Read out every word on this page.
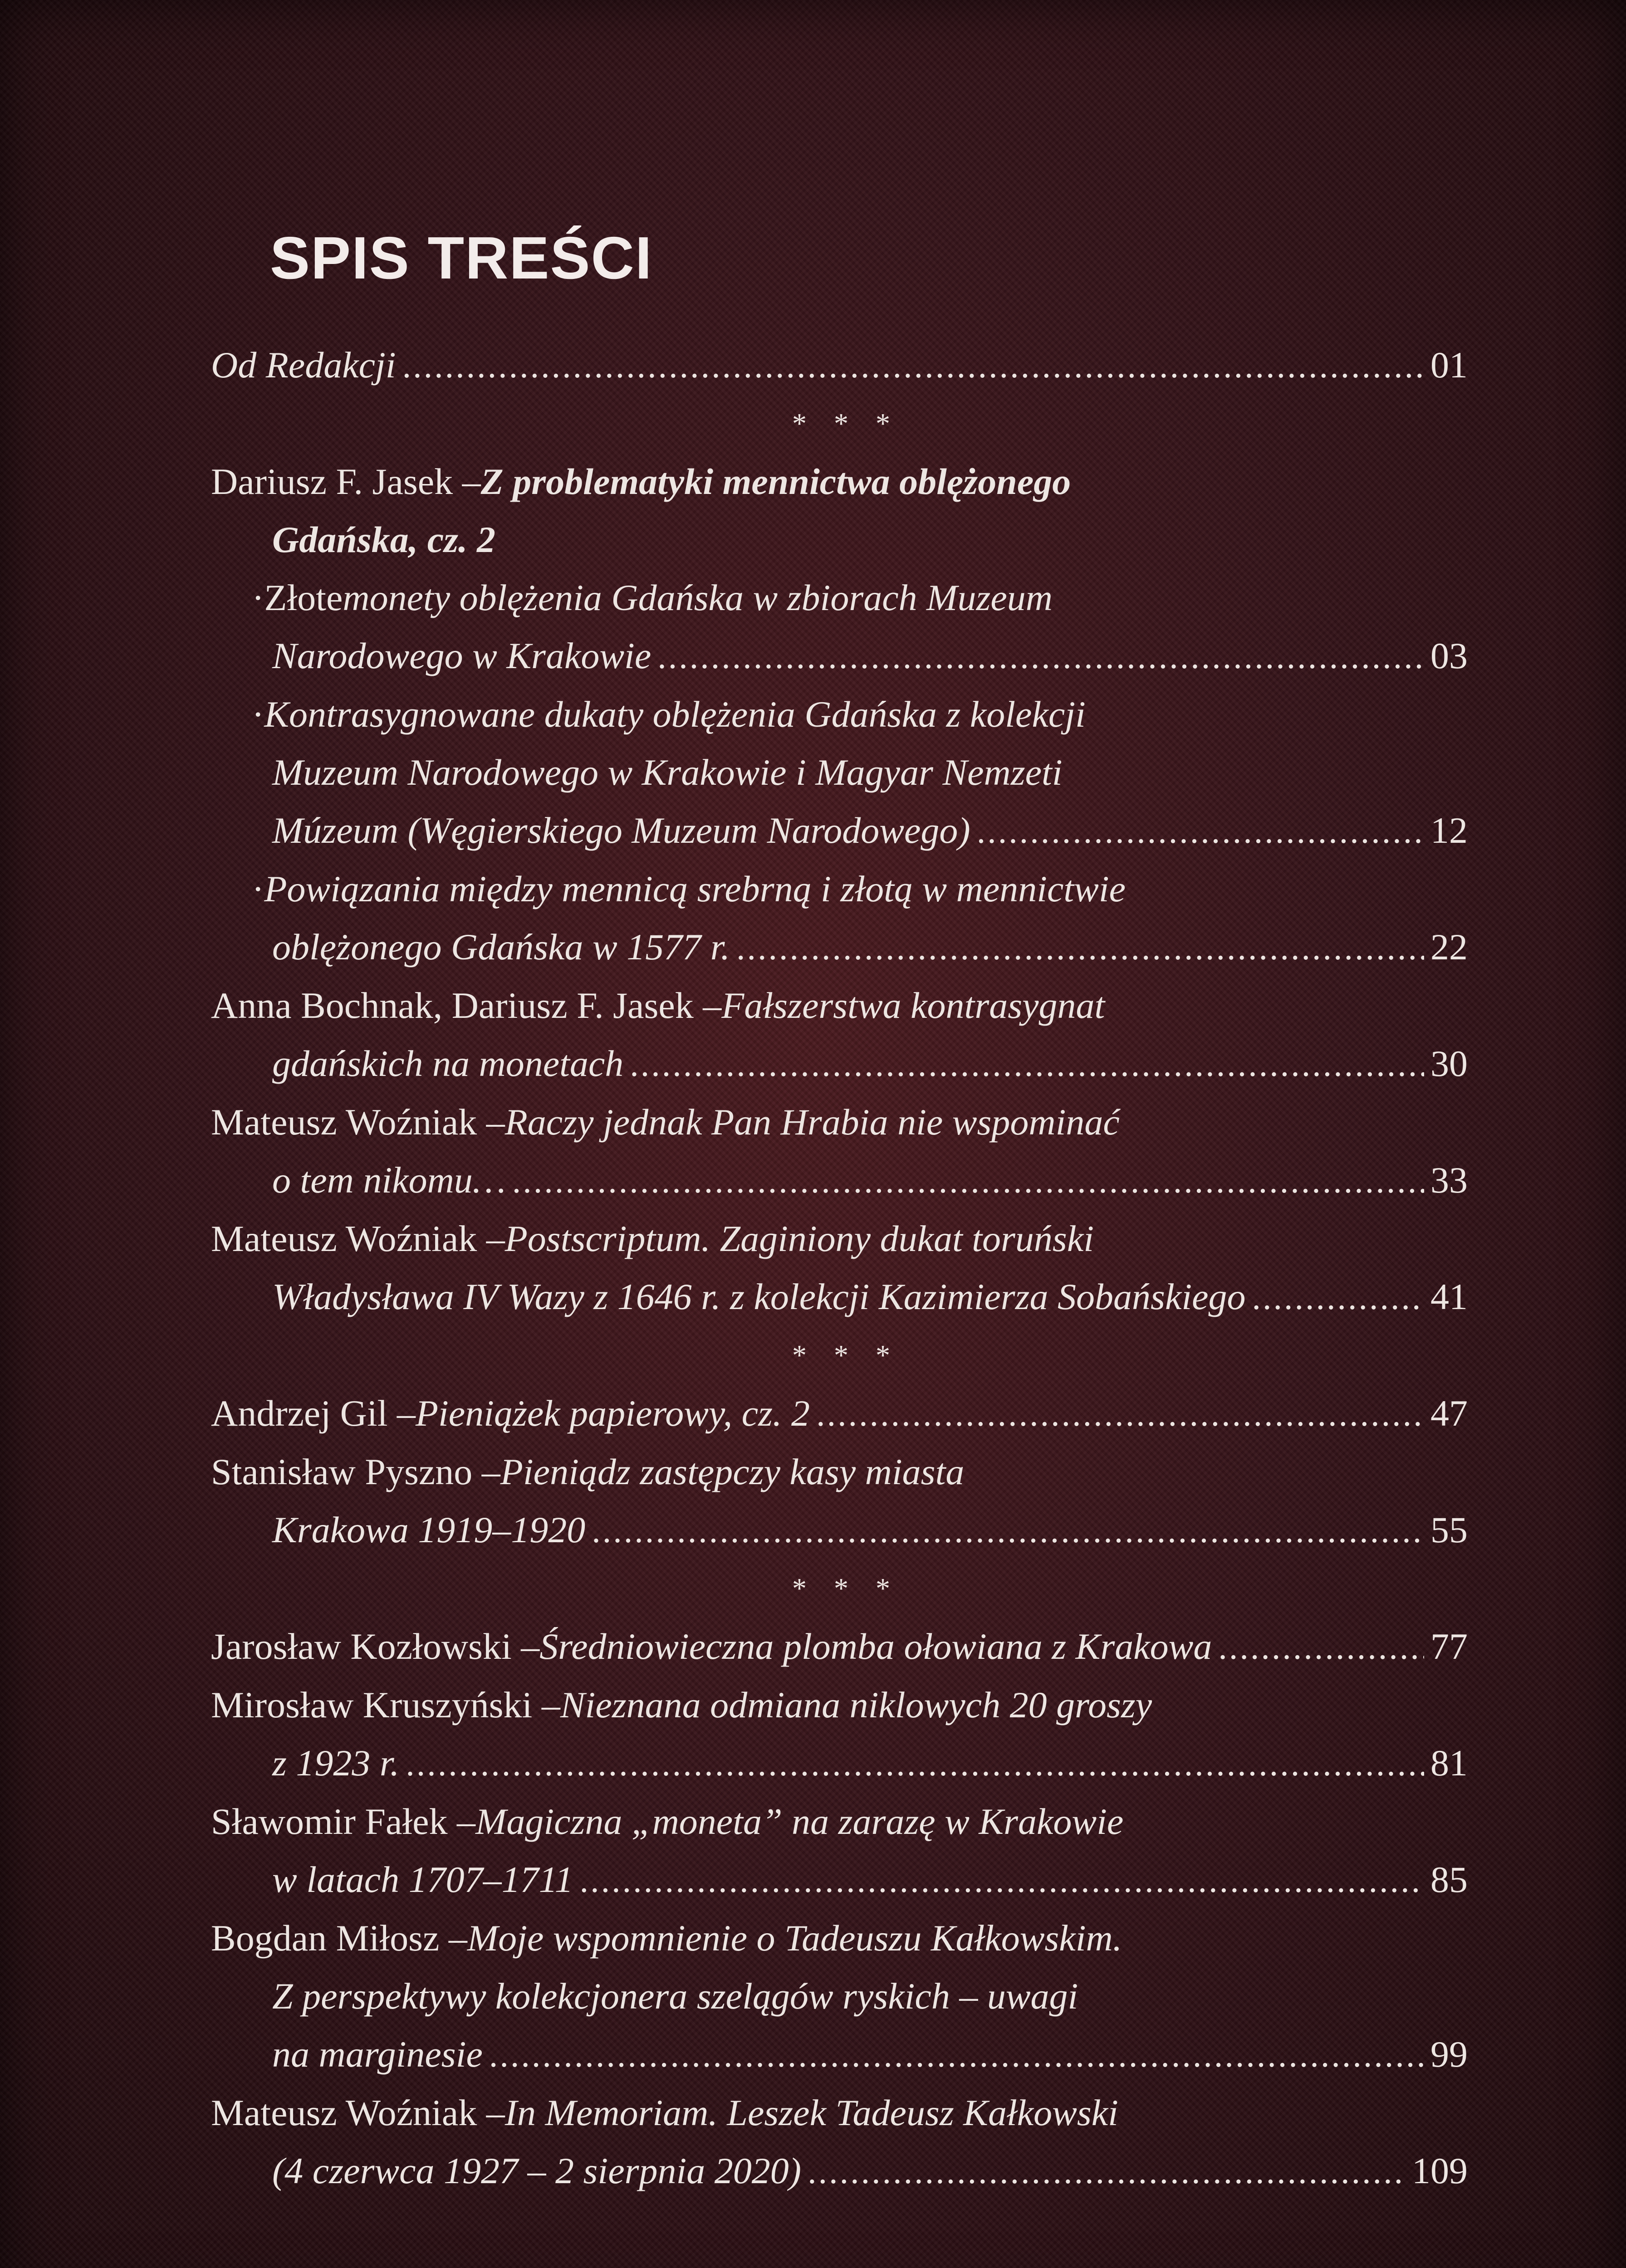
SPIS TREŚCI
Od Redakcji .....	01
* * *
Dariusz F. Jasek – Z problematyki mennictwa oblężonego
Gdańska, cz. 2
· Złote monety oblężenia Gdańska w zbiorach Muzeum
Narodowego w Krakowie .....	03
· Kontrasygnowane dukaty oblężenia Gdańska z kolekcji
Muzeum Narodowego w Krakowie i Magyar Nemzeti
Múzeum (Węgierskiego Muzeum Narodowego) .....	12
· Powiązania między mennicą srebrną i złotą w mennictwie
oblężonego Gdańska w 1577 r. .....	22
Anna Bochnak, Dariusz F. Jasek – Fałszerstwa kontrasygnat
gdańskich na monetach .....	30
Mateusz Woźniak – Raczy jednak Pan Hrabia nie wspominać
o tem nikomu… .....	33
Mateusz Woźniak – Postscriptum. Zaginiony dukat toruński
Władysława IV Wazy z 1646 r. z kolekcji Kazimierza Sobańskiego .....	41
* * *
Andrzej Gil – Pieniążek papierowy, cz. 2 .....	47
Stanisław Pyszno – Pieniądz zastępczy kasy miasta
Krakowa 1919–1920 .....	55
* * *
Jarosław Kozłowski – Średniowieczna plomba ołowiana z Krakowa .....	77
Mirosław Kruszyński – Nieznana odmiana niklowych 20 groszy
z 1923 r. .....	81
Sławomir Fałek – Magiczna „moneta” na zarazę w Krakowie
w latach 1707–1711 .....	85
Bogdan Miłosz – Moje wspomnienie o Tadeuszu Kałkowskim.
Z perspektywy kolekcjonera szelągów ryskich – uwagi
na marginesie .....	99
Mateusz Woźniak – In Memoriam. Leszek Tadeusz Kałkowski
(4 czerwca 1927 – 2 sierpnia 2020) .....	109
